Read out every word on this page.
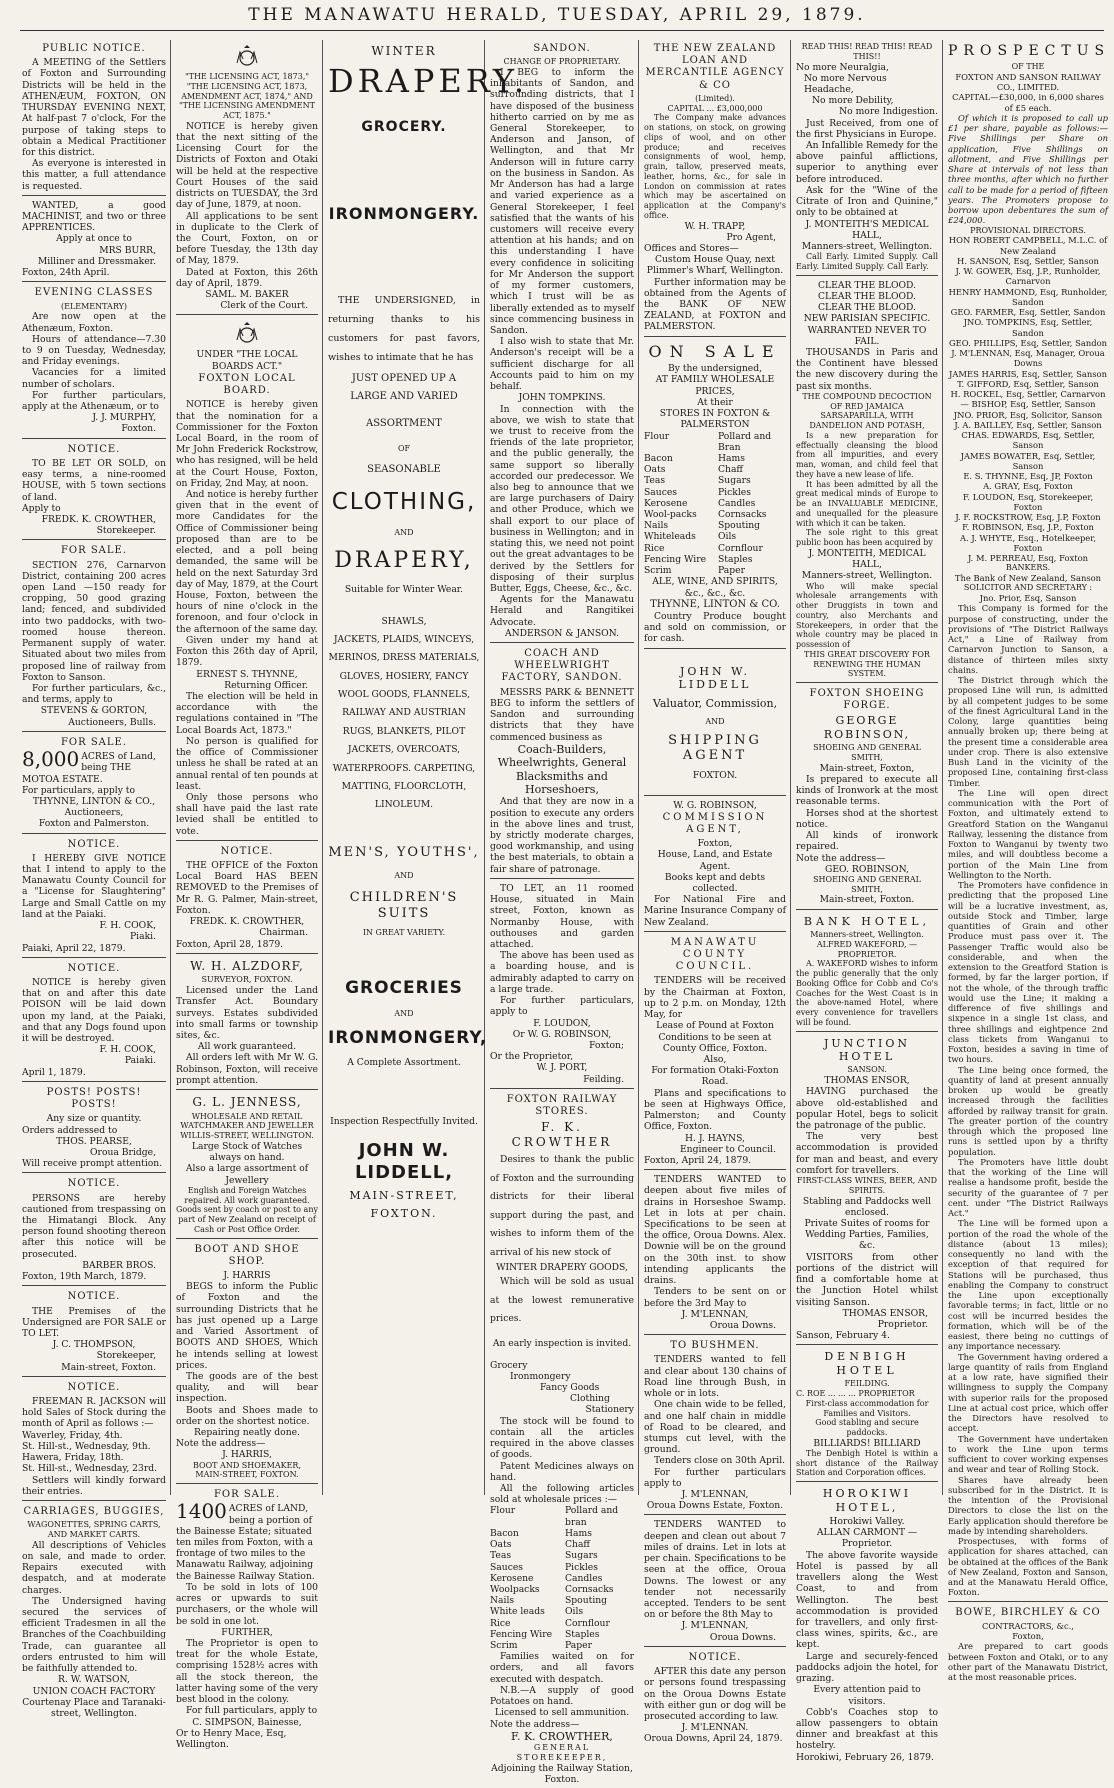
THE MANAWATU HERALD, TUESDAY, APRIL 29, 1879.
PUBLIC NOTICE.

A MEETING of the Settlers of Foxton and Surrounding Districts will be held in the ATHENÆUM, FOXTON, ON THURSDAY EVENING NEXT, At half-past 7 o'clock, For the purpose of taking steps to obtain a Medical Practitioner for this district.

As everyone is interested in this matter, a full attendance is requested.

WANTED, a good MACHINIST, and two or three APPRENTICES.

Apply at once to
MRS BURR,
Milliner and Dressmaker.
Foxton, 24th April.
EVENING CLASSES
(ELEMENTARY)

Are now open at the Athenæum, Foxton.

Hours of attendance—7.30 to 9 on Tuesday, Wednesday, and Friday evenings.

Vacancies for a limited number of scholars.

For further particulars, apply at the Athenæum, or to

J. J. MURPHY,
Foxton.
NOTICE.

TO BE LET OR SOLD, on easy terms, a nine-roomed HOUSE, with 5 town sections of land.

Apply to
FREDK. K. CROWTHER,
Storekeeper.
FOR SALE.

SECTION 276, Carnarvon District, containing 200 acres open Land —150 ready for cropping, 50 good grazing land; fenced, and subdivided into two paddocks, with two-roomed house thereon. Permanent supply of water. Situated about two miles from proposed line of railway from Foxton to Sanson.

For further particulars, &c., and terms, apply to

STEVENS & GORTON,
Auctioneers, Bulls.
FOR SALE.
8,000 ACRES of Land, being THE MOTOA ESTATE.
For particulars, apply to
THYNNE, LINTON & CO.,
Auctioneers,
Foxton and Palmerston.
NOTICE.

I HEREBY GIVE NOTICE that I intend to apply to the Manawatu County Council for a "License for Slaughtering" Large and Small Cattle on my land at the Paiaki.

F. H. COOK,
Piaki.
Paiaki, April 22, 1879.
NOTICE.

NOTICE is hereby given that on and after this date POISON will be laid down upon my land, at the Paiaki, and that any Dogs found upon it will be destroyed.

F. H. COOK,
Paiaki.
April 1, 1879.
POSTS! POSTS! POSTS!
Any size or quantity.
Orders addressed to
THOS. PEARSE,
Oroua Bridge,
Will receive prompt attention.
NOTICE.

PERSONS are hereby cautioned from trespassing on the Himatangi Block. Any person found shooting thereon after this notice will be prosecuted.

BARBER BROS.
Foxton, 19th March, 1879.
NOTICE.

THE Premises of the Undersigned are FOR SALE or TO LET.

J. C. THOMPSON,
Storekeeper,
Main-street, Foxton.
NOTICE.

FREEMAN R. JACKSON will hold Sales of Stock during the month of April as follows :—

Waverley, Friday, 4th.
St. Hill-st., Wednesday, 9th.
Hawera, Friday, 18th.
St. Hill-st., Wednesday, 23rd.

Settlers will kindly forward their entries.

CARRIAGES, BUGGIES,
WAGONETTES, SPRING CARTS, AND MARKET CARTS.

All descriptions of Vehicles on sale, and made to order. Repairs executed with despatch, and at moderate charges.

The Undersigned having secured the services of efficient Tradesmen in all the Branches of the Coachbuilding Trade, can guarantee all orders entrusted to him will be faithfully attended to.

R. W. WATSON,
UNION COACH FACTORY
Courtenay Place and Taranaki-street, Wellington.
"THE LICENSING ACT, 1873," "THE LICENSING ACT, 1873, AMENDMENT ACT, 1874," AND "THE LICENSING AMENDMENT ACT, 1875."

NOTICE is hereby given that the next sitting of the Licensing Court for the Districts of Foxton and Otaki will be held at the respective Court Houses of the said districts on TUESDAY, the 3rd day of June, 1879, at noon.

All applications to be sent in duplicate to the Clerk of the Court, Foxton, on or before Tuesday, the 13th day of May, 1879.

Dated at Foxton, this 26th day of April, 1879.

SAML. M. BAKER
Clerk of the Court.
UNDER "THE LOCAL BOARDS ACT."
FOXTON LOCAL BOARD.

NOTICE is hereby given that the nomination for a Commissioner for the Foxton Local Board, in the room of Mr John Frederick Rockstrow, who has resigned, will be held at the Court House, Foxton, on Friday, 2nd May, at noon.

And notice is hereby further given that in the event of more Candidates for the Office of Commissioner being proposed than are to be elected, and a poll being demanded, the same will be held on the next Saturday 3rd day of May, 1879, at the Court House, Foxton, between the hours of nine o'clock in the forenoon, and four o'clock in the afternoon of the same day.

Given under my hand at Foxton this 26th day of April, 1879.

ERNEST S. THYNNE,
Returning Officer.

The election will be held in accordance with the regulations contained in "The Local Boards Act, 1873."

No person is qualified for the office of Commissioner unless he shall be rated at an annual rental of ten pounds at least.

Only those persons who shall have paid the last rate levied shall be entitled to vote.

NOTICE.

THE OFFICE of the Foxton Local Board HAS BEEN REMOVED to the Premises of Mr R. G. Palmer, Main-street, Foxton.

FREDK. K. CROWTHER,
Chairman.
Foxton, April 28, 1879.
W. H. ALZDORF,
SURVEYOR, FOXTON.

Licensed under the Land Transfer Act. Boundary surveys. Estates subdivided into small farms or township sites, &c.

All work guaranteed.

All orders left with Mr W. G. Robinson, Foxton, will receive prompt attention.

G. L. JENNESS,
WHOLESALE AND RETAIL WATCHMAKER AND JEWELLER
WILLIS-STREET, WELLINGTON.
Large Stock of Watches always on hand.
Also a large assortment of Jewellery
English and Foreign Watches repaired. All work guaranteed.
Goods sent by coach or post to any part of New Zealand on receipt of Cash or Post Office Order.
BOOT AND SHOE SHOP.
J. HARRIS

BEGS to inform the Public of Foxton and the surrounding Districts that he has just opened up a Large and Varied Assortment of BOOTS AND SHOES, Which he intends selling at lowest prices.

The goods are of the best quality, and will bear inspection.

Boots and Shoes made to order on the shortest notice.

Repairing neatly done.
Note the address—
J. HARRIS,
BOOT AND SHOEMAKER,
MAIN-STREET, FOXTON.
FOR SALE.
1400 ACRES of LAND, being a portion of the Bainesse Estate; situated ten miles from Foxton, with a frontage of two miles to the Manawatu Railway, adjoining the Bainesse Railway Station.

To be sold in lots of 100 acres or upwards to suit purchasers, or the whole will be sold in one lot.

FURTHER,

The Proprietor is open to treat for the whole Estate, comprising 1528½ acres with all the stock thereon, the latter having some of the very best blood in the colony.

For full particulars, apply to

C. SIMPSON, Bainesse,
Or to Henry Mace, Esq, Wellington.
WINTER
DRAPERY.
GROCERY.
IRONMONGERY.

THE UNDERSIGNED, in returning thanks to his customers for past favors, wishes to intimate that he has

JUST OPENED UP A
LARGE AND VARIED
ASSORTMENT
OF
SEASONABLE
CLOTHING,
AND
DRAPERY,
Suitable for Winter Wear.
SHAWLS,

JACKETS, PLAIDS, WINCEYS, MERINOS, DRESS MATERIALS, GLOVES, HOSIERY, FANCY WOOL GOODS, FLANNELS, RAILWAY AND AUSTRIAN RUGS, BLANKETS, PILOT JACKETS, OVERCOATS, WATERPROOFS. CARPETING, MATTING, FLOORCLOTH, LINOLEUM.

MEN'S, YOUTHS',
AND
CHILDREN'S SUITS
IN GREAT VARIETY.
GROCERIES
AND
IRONMONGERY,
A Complete Assortment.
Inspection Respectfully Invited.
JOHN W. LIDDELL,
MAIN-STREET,
FOXTON.
SANDON.
CHANGE OF PROPRIETARY.

I BEG to inform the inhabitants of Sandon, and surrounding districts, that I have disposed of the business hitherto carried on by me as General Storekeeper, to Anderson and Janson, of Wellington, and that Mr Anderson will in future carry on the business in Sandon. As Mr Anderson has had a large and varied experience as a General Storekeeper, I feel satisfied that the wants of his customers will receive every attention at his hands; and on this understanding I have every confidence in soliciting for Mr Anderson the support of my former customers, which I trust will be as liberally extended as to myself since commencing business in Sandon.

I also wish to state that Mr. Anderson's receipt will be a sufficient discharge for all Accounts paid to him on my behalf.

JOHN TOMPKINS.

In connection with the above, we wish to state that we trust to receive from the friends of the late proprietor, and the public generally, the same support so liberally accorded our predecessor. We also beg to announce that we are large purchasers of Dairy and other Produce, which we shall export to our place of business in Wellington; and in stating this, we need not point out the great advantages to be derived by the Settlers for disposing of their surplus Butter, Eggs, Cheese, &c., &c.

Agents for the Manawatu Herald and Rangitikei Advocate.

ANDERSON & JANSON.
COACH AND WHEELWRIGHT FACTORY, SANDON.

MESSRS PARK & BENNETT BEG to inform the settlers of Sandon and surrounding districts that they have commenced business as

Coach-Builders, Wheelwrights, General Blacksmiths and Horseshoers,

And that they are now in a position to execute any orders in the above lines and trust, by strictly moderate charges, good workmanship, and using the best materials, to obtain a fair share of patronage.

TO LET, an 11 roomed House, situated in Main street, Foxton, known as Normanby House, with outhouses and garden attached.

The above has been used as a boarding house, and is admirably adapted to carry on a large trade.

For further particulars, apply to

F. LOUDON,
Or W. G. ROBINSON,
Foxton;
Or the Proprietor,
W. J. PORT,
Feilding.
FOXTON RAILWAY STORES.
F. K. CROWTHER

Desires to thank the public of Foxton and the surrounding districts for their liberal support during the past, and wishes to inform them of the arrival of his new stock of

WINTER DRAPERY GOODS,

Which will be sold as usual at the lowest remunerative prices.

An early inspection is invited.
Grocery
Ironmongery
Fancy Goods
Clothing
Stationery

The stock will be found to contain all the articles required in the above classes of goods.

Patent Medicines always on hand.

All the following articles sold at wholesale prices :—

Flour	Pollard and bran
Bacon	Hams
Oats	Chaff
Teas	Sugars
Sauces	Pickles
Kerosene	Candles
Woolpacks	Cornsacks
Nails	Spouting
White leads	Oils
Rice	Cornflour
Fencing Wire	Staples
Scrim	Paper

Families waited on for orders, and all favors executed with despatch.

N.B.—A supply of good Potatoes on hand.

Licensed to sell ammunition.
Note the address—
F. K. CROWTHER,
GENERAL STOREKEEPER,
Adjoining the Railway Station,
Foxton.
THE NEW ZEALAND LOAN AND MERCANTILE AGENCY & CO
(Limited).
CAPITAL ... £3,000,000

The Company make advances on stations, on stock, on growing clips of wool, and on other produce; and receives consignments of wool, hemp, grain, tallow, preserved meats, leather, horns, &c., for sale in London on commission at rates which may be ascertained on application at the Company's office.

W. H. TRAPP,
Pro Agent,
Offices and Stores—
Custom House Quay, next Plimmer's Wharf, Wellington.

Further information may be obtained from the Agents of the BANK OF NEW ZEALAND, at FOXTON and PALMERSTON.

ON SALE
By the undersigned,
AT FAMILY WHOLESALE PRICES,
At their
STORES IN FOXTON & PALMERSTON
Flour	Pollard and Bran
Bacon	Hams
Oats	Chaff
Teas	Sugars
Sauces	Pickles
Kerosene	Candles
Wool-packs	Cornsacks
Nails	Spouting
Whiteleads	Oils
Rice	Cornflour
Fencing Wire	Staples
Scrim	Paper
ALE, WINE, AND SPIRITS, &c., &c., &c.
THYNNE, LINTON & CO.

Country Produce bought and sold on commission, or for cash.

JOHN W. LIDDELL
Valuator, Commission,
AND
SHIPPING AGENT
FOXTON.
W. G. ROBINSON,
COMMISSION AGENT,
Foxton,
House, Land, and Estate Agent.
Books kept and debts collected.

For National Fire and Marine Insurance Company of New Zealand.

MANAWATU COUNTY COUNCIL.

TENDERS will be received by the Chairman at Foxton, up to 2 p.m. on Monday, 12th May, for

Lease of Pound at Foxton
Conditions to be seen at County Office, Foxton.
Also,
For formation Otaki-Foxton Road.

Plans and specifications to be seen at Highways Office, Palmerston; and County Office, Foxton.

H. J. HAYNS,
Engineer to Council.
Foxton, April 24, 1879.

TENDERS WANTED to deepen about five miles of drains in Horseshoe Swamp. Let in lots at per chain. Specifications to be seen at the office, Oroua Downs. Alex. Downie will be on the ground on the 30th inst. to show intending applicants the drains.

Tenders to be sent on or before the 3rd May to

J. M'LENNAN,
Oroua Downs.
TO BUSHMEN.

TENDERS wanted to fell and clear about 130 chains of Road line through Bush, in whole or in lots.

One chain wide to be felled, and one half chain in middle of Road to be cleared, and stumps cut level, with the ground.

Tenders close on 30th April.

For further particulars apply to

J. M'LENNAN,
Oroua Downs Estate, Foxton.

TENDERS WANTED to deepen and clean out about 7 miles of drains. Let in lots at per chain. Specifications to be seen at the office, Oroua Downs. The lowest or any tender not necessarily accepted. Tenders to be sent on or before the 8th May to

J. M'LENNAN,
Oroua Downs.
NOTICE.

AFTER this date any person or persons found trespassing on the Oroua Downs Estate with either gun or dog will be prosecuted according to law.

J. M'LENNAN.
Oroua Downs, April 24, 1879.
READ THIS! READ THIS! READ THIS!!
No more Neuralgia,
No more Nervous Headache,
No more Debility,
No more Indigestion.

Just Received, from one of the first Physicians in Europe.

An Infallible Remedy for the above painful afflictions, superior to anything ever before introduced.

Ask for the "Wine of the Citrate of Iron and Quinine," only to be obtained at

J. MONTEITH'S MEDICAL HALL,
Manners-street, Wellington.

Call Early. Limited Supply. Call Early. Limited Supply. Call Early.

CLEAR THE BLOOD.
CLEAR THE BLOOD.
CLEAR THE BLOOD.
NEW PARISIAN SPECIFIC.
WARRANTED NEVER TO FAIL.

THOUSANDS in Paris and the Continent have blessed the new discovery during the past six months.

THE COMPOUND DECOCTION OF RED JAMAICA SARSAPARILLA, WITH DANDELION AND POTASH,

Is a new preparation for effectually cleansing the blood from all impurities, and every man, woman, and child feel that they have a new lease of life.

It has been admitted by all the great medical minds of Europe to be an INVALUABLE MEDICINE, and unequalled for the pleasure with which it can be taken.

The sole right to this great public boon has been acquired by

J. MONTEITH, MEDICAL HALL,
Manners-street, Wellington.

Who will make special wholesale arrangements with other Druggists in town and country, also Merchants and Storekeepers, in order that the whole country may be placed in possession of

THIS GREAT DISCOVERY FOR RENEWING THE HUMAN SYSTEM.
FOXTON SHOEING FORGE.
GEORGE ROBINSON,
SHOEING AND GENERAL SMITH,
Main-street, Foxton,

Is prepared to execute all kinds of Ironwork at the most reasonable terms.

Horses shod at the shortest notice.

All kinds of ironwork repaired.

Note the address—
GEO. ROBINSON,
SHOEING AND GENERAL SMITH,
Main-street, Foxton.
BANK HOTEL,
Manners-street, Wellington.
ALFRED WAKEFORD, — PROPRIETOR.

A. WAKEFORD wishes to inform the public generally that the only Booking Office for Cobb and Co's Coaches for the West Coast is in the above-named Hotel, where every convenience for travellers will be found.

JUNCTION HOTEL
SANSON.
THOMAS ENSOR,

HAVING purchased the above old-established and popular Hotel, begs to solicit the patronage of the public.

The very best accommodation is provided for man and beast, and every comfort for travellers.

FIRST-CLASS WINES, BEER, AND SPIRITS.
Stabling and Paddocks well enclosed.
Private Suites of rooms for Wedding Parties, Families, &c.

VISITORS from other portions of the district will find a comfortable home at the Junction Hotel whilst visiting Sanson.

THOMAS ENSOR,
Proprietor.
Sanson, February 4.
DENBIGH HOTEL
FEILDING.
C. ROE ... ... ... PROPRIETOR
First-class accommodation for Families and Visitors.
Good stabling and secure paddocks.
BILLIARDS! BILLIARD

The Denbigh Hotel is within a short distance of the Railway Station and Corporation offices.

HOROKIWI HOTEL,
Horokiwi Valley.
ALLAN CARMONT — Proprietor.

The above favorite wayside Hotel is passed by all travellers along the West Coast, to and from Wellington. The best accommodation is provided for travellers, and only first-class wines, spirits, &c., are kept.

Large and securely-fenced paddocks adjoin the hotel, for grazing.

Every attention paid to visitors.

Cobb's Coaches stop to allow passengers to obtain dinner and breakfast at this hostelry.

Horokiwi, February 26, 1879.
PROSPECTUS
OF THE
FOXTON AND SANSON RAILWAY CO., LIMITED.
CAPITAL—£30,000, in 6,000 shares of £5 each.

Of which it is proposed to call up £1 per share, payable as follows:—Five Shillings per Share on application, Five Shillings on allotment, and Five Shillings per Share at intervals of not less than three months, after which no further call to be made for a period of fifteen years. The Promoters propose to borrow upon debentures the sum of £24,000.

PROVISIONAL DIRECTORS.
HON ROBERT CAMPBELL, M.L.C. of New Zealand
H. SANSON, Esq, Settler, Sanson
J. W. GOWER, Esq, J.P., Runholder, Carnarvon
HENRY HAMMOND, Esq, Runholder, Sandon
GEO. FARMER, Esq, Settler, Sandon
JNO. TOMPKINS, Esq, Settler, Sandon
GEO. PHILLIPS, Esq, Settler, Sandon
J. M'LENNAN, Esq, Manager, Oroua Downs
JAMES HARRIS, Esq, Settler, Sanson
T. GIFFORD, Esq, Settler, Sanson
H. ROCKEL, Esq, Settler, Carnarvon
— BISHOP, Esq, Settler, Sanson
JNO. PRIOR, Esq, Solicitor, Sanson
J. A. BAILLEY, Esq, Settler, Sanson
CHAS. EDWARDS, Esq, Settler, Sanson
JAMES BOWATER, Esq, Settler, Sanson
E. S. THYNNE, Esq, JP, Foxton
A. GRAY, Esq, Foxton
F. LOUDON, Esq, Storekeeper, Foxton
J. F. ROCKSTROW, Esq, J.P, Foxton
F. ROBINSON, Esq, J.P., Foxton
A. J. WHYTE, Esq., Hotelkeeper, Foxton
J. M. PERREAU, Esq, Foxton
BANKERS.
The Bank of New Zealand, Sanson
SOLICITOR AND SECRETARY :
Jno. Prior, Esq, Sanson

This Company is formed for the purpose of constructing, under the provisions of "The District Railways Act," a Line of Railway from Carnarvon Junction to Sanson, a distance of thirteen miles sixty chains.

The District through which the proposed Line will run, is admitted by all competent judges to be some of the finest Agricultural Land in the Colony, large quantities being annually broken up; there being at the present time a considerable area under crop. There is also extensive Bush Land in the vicinity of the proposed Line, containing first-class Timber.

The Line will open direct communication with the Port of Foxton, and ultimately extend to Greatford Station on the Wanganui Railway, lessening the distance from Foxton to Wanganui by twenty two miles, and will doubtless become a portion of the Main Line from Wellington to the North.

The Promoters have confidence in predicting that the proposed Line will be a lucrative investment, as, outside Stock and Timber, large quantities of Grain and other Produce must pass over it. The Passenger Traffic would also be considerable, and when the extension to the Greatford Station is formed, by far the larger portion, if not the whole, of the through traffic would use the Line; it making a difference of five shillings and sixpence in a single 1st class, and three shillings and eightpence 2nd class tickets from Wanganui to Foxton, besides a saving in time of two hours.

The Line being once formed, the quantity of land at present annually broken up would be greatly increased through the facilities afforded by railway transit for grain. The greater portion of the country through which the proposed line runs is settled upon by a thrifty population.

The Promoters have little doubt that the working of the Line will realise a handsome profit, beside the security of the guarantee of 7 per cent. under "The District Railways Act."

The Line will be formed upon a portion of the road the whole of the distance (about 13 miles); consequently no land with the exception of that required for Stations will be purchased, thus enabling the Company to construct the Line upon exceptionally favorable terms; in fact, little or no cost will be incurred besides the formation, which will be of the easiest, there being no cuttings of any importance necessary.

The Government having ordered a large quantity of rails from England at a low rate, have signified their willingness to supply the Company with superior rails for the proposed Line at actual cost price, which offer the Directors have resolved to accept.

The Government have undertaken to work the Line upon terms sufficient to cover working expenses and wear and tear of Rolling Stock.

Shares have already been subscribed for in the District. It is the intention of the Provisional Directors to close the list on the Early application should therefore be made by intending shareholders.

Prospectuses, with forms of application for shares attached, can be obtained at the offices of the Bank of New Zealand, Foxton and Sanson, and at the Manawatu Herald Office, Foxton.

BOWE, BIRCHLEY & CO
CONTRACTORS, &c.,
Foxton,

Are prepared to cart goods between Foxton and Otaki, or to any other part of the Manawatu District, at the most reasonable prices.
